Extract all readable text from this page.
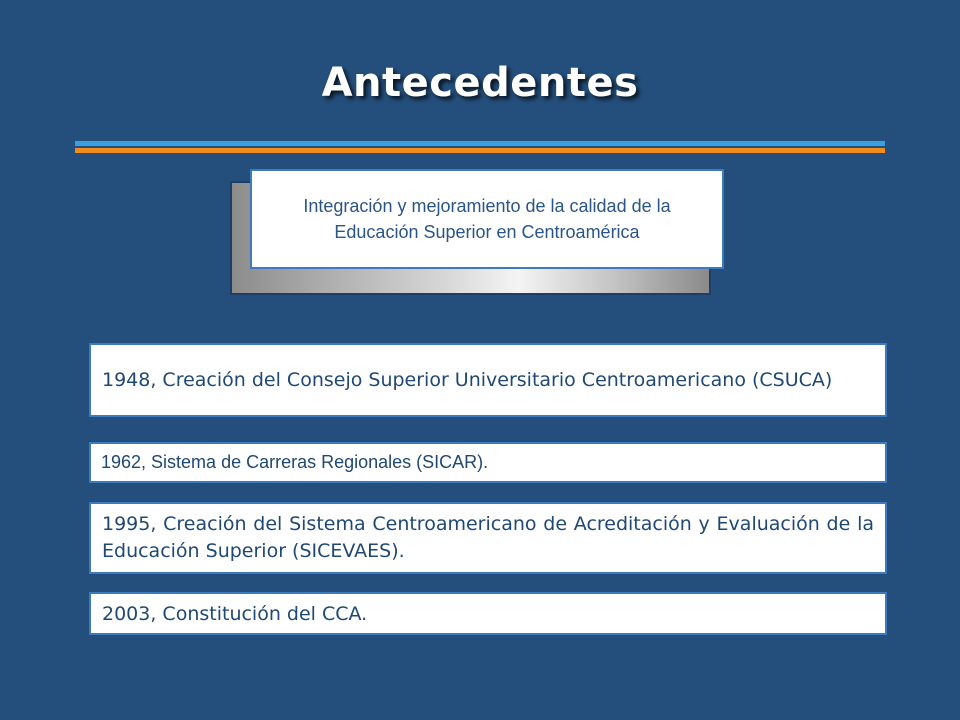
Antecedentes
Integración y mejoramiento de la calidad de la Educación Superior en Centroamérica
1948, Creación del Consejo Superior Universitario Centroamericano (CSUCA)
1962, Sistema de Carreras Regionales (SICAR).
1995, Creación del Sistema Centroamericano de Acreditación y Evaluación de la Educación Superior (SICEVAES).
2003, Constitución del CCA.
